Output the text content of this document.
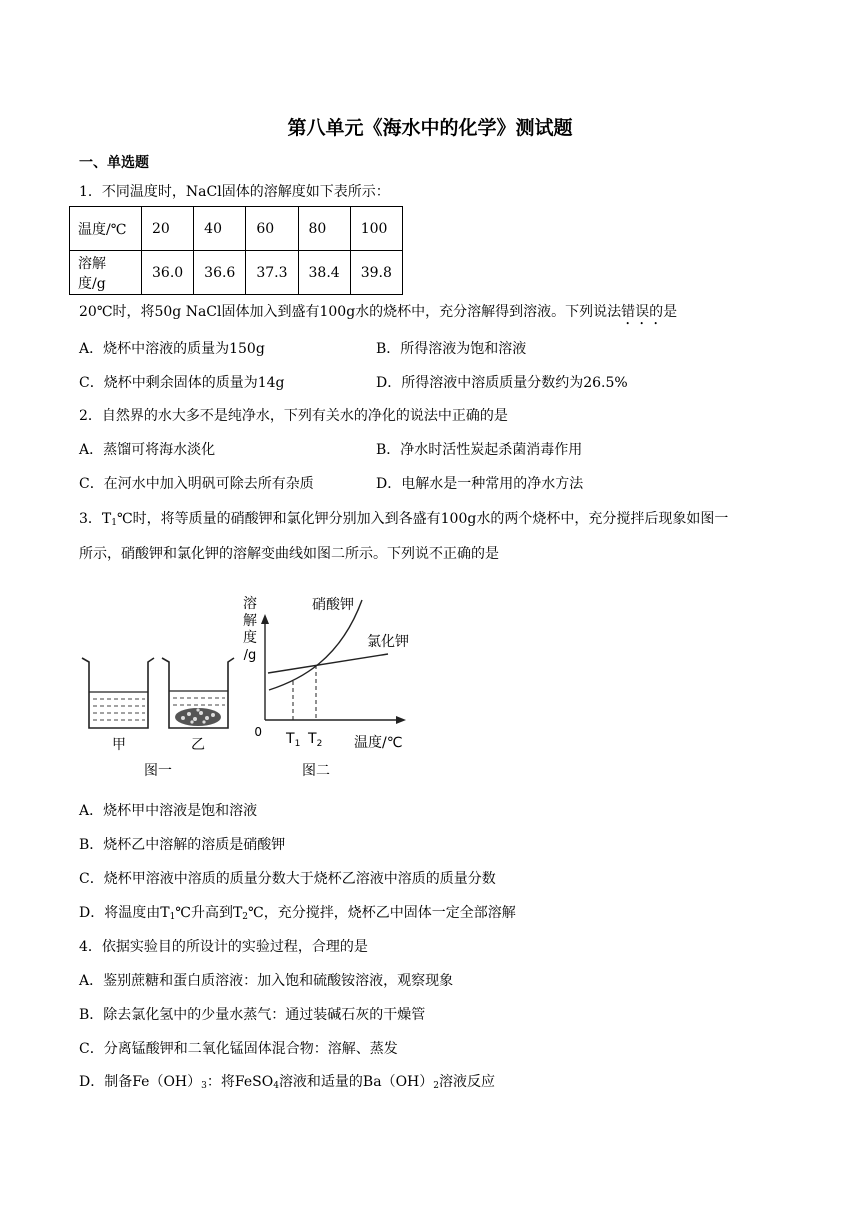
第八单元《海水中的化学》测试题
一、单选题
1．不同温度时，NaCl固体的溶解度如下表所示：
温度/℃	20	40	60	80	100
溶解度/g	36.0	36.6	37.3	38.4	39.8
20℃时，将50g NaCl固体加入到盛有100g水的烧杯中，充分溶解得到溶液。下列说法错误的是
A．烧杯中溶液的质量为150g	B．所得溶液为饱和溶液
C．烧杯中剩余固体的质量为14g	D．所得溶液中溶质质量分数约为26.5%
2．自然界的水大多不是纯净水，下列有关水的净化的说法中正确的是
A．蒸馏可将海水淡化	B．净水时活性炭起杀菌消毒作用
C．在河水中加入明矾可除去所有杂质	D．电解水是一种常用的净水方法
3．$T_1℃$时，将等质量的硝酸钾和氯化钾分别加入到各盛有100g水的两个烧杯中，充分搅拌后现象如图一
所示，硝酸钾和氯化钾的溶解变曲线如图二所示。下列说不正确的是
甲	乙
图一
溶
解
度
/g
0
硝酸钾
氯化钾
$T_1$ $T_2$ 温度/℃
图二
A．烧杯甲中溶液是饱和溶液
B．烧杯乙中溶解的溶质是硝酸钾
C．烧杯甲溶液中溶质的质量分数大于烧杯乙溶液中溶质的质量分数
D．将温度由$T_1℃$升高到$T_2℃$，充分搅拌，烧杯乙中固体一定全部溶解
4．依据实验目的所设计的实验过程，合理的是
A．鉴别蔗糖和蛋白质溶液：加入饱和硫酸铵溶液，观察现象
B．除去氯化氢中的少量水蒸气：通过装碱石灰的干燥管
C．分离锰酸钾和二氧化锰固体混合物：溶解、蒸发
D．制备$Fe(OH)_3$：将FeSO$_4$溶液和适量的$Ba(OH)_2$溶液反应
